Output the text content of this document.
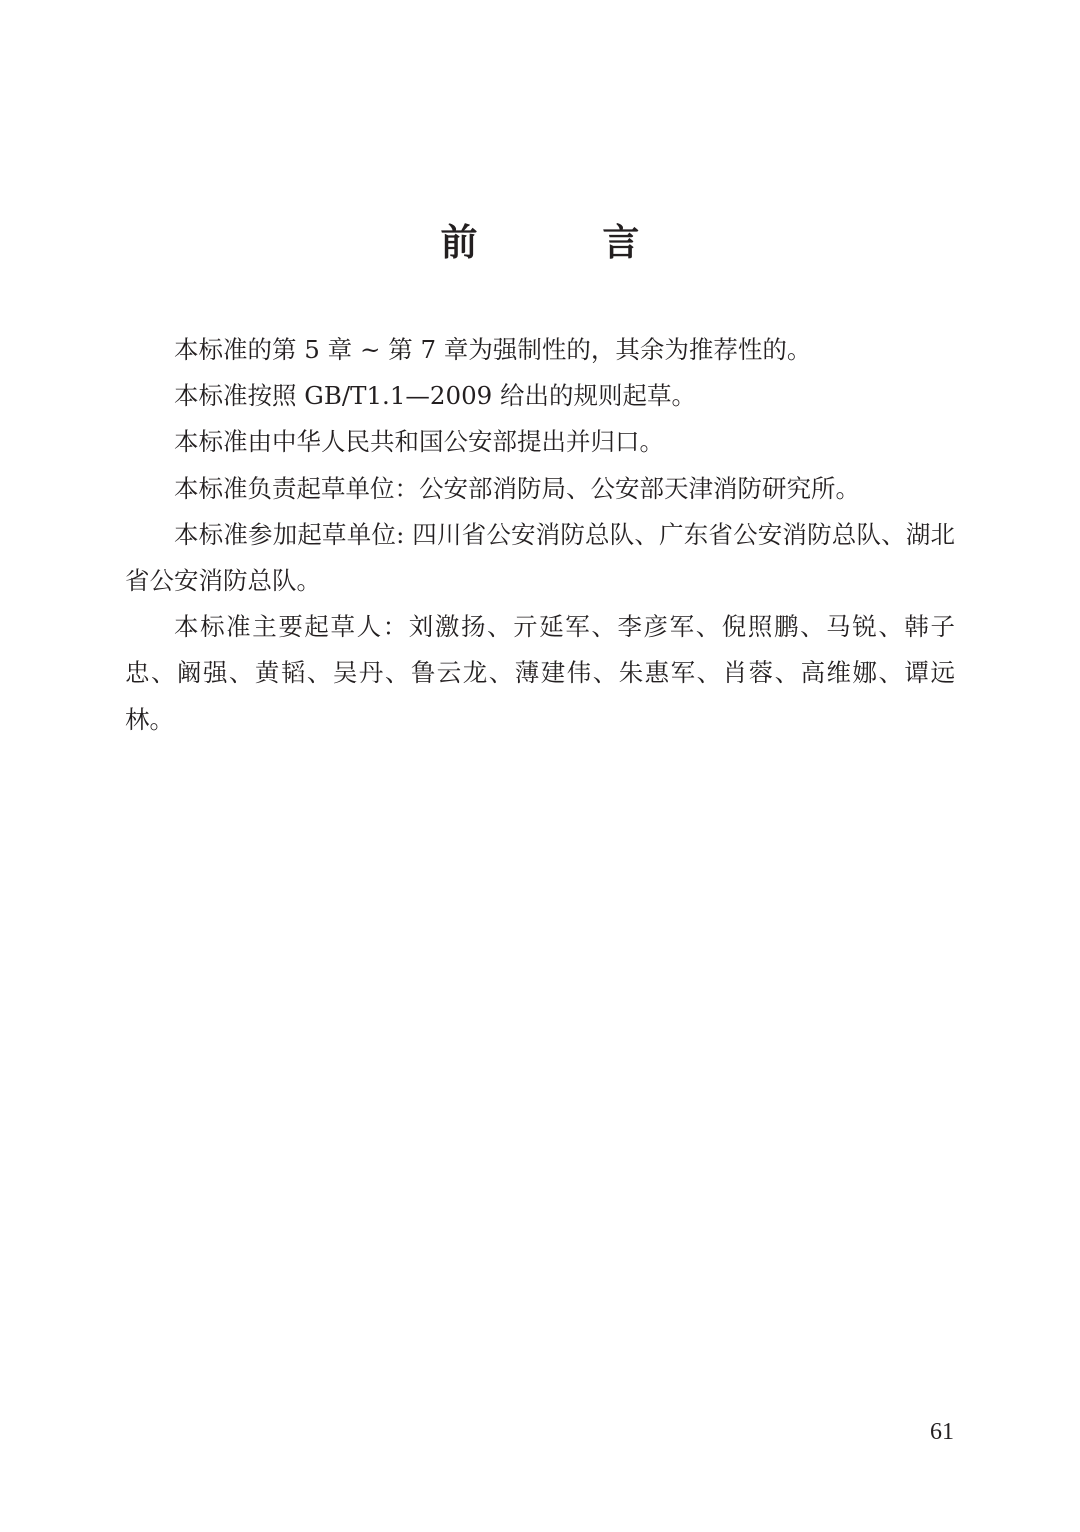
前 言

本标准的第 5 章 ~ 第 7 章为强制性的，其余为推荐性的。

本标准按照 GB/T1.1—2009 给出的规则起草。

本标准由中华人民共和国公安部提出并归口。

本标准负责起草单位：公安部消防局、公安部天津消防研究所。

本标准参加起草单位: 四川省公安消防总队、广东省公安消防总队、湖北省公安消防总队。

本标准主要起草人：刘激扬、亓延军、李彦军、倪照鹏、马锐、韩子忠、阚强、黄韬、吴丹、鲁云龙、薄建伟、朱惠军、肖蓉、高维娜、谭远林。

61
